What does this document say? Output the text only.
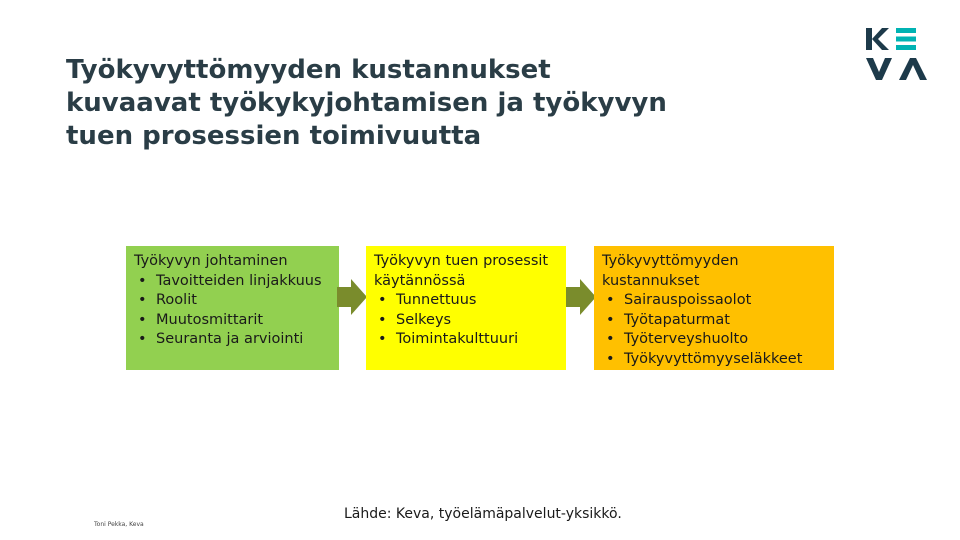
Työkyvyttömyyden kustannukset
kuvaavat työkykyjohtamisen ja työkyvyn
tuen prosessien toimivuutta
Työkyvyn johtaminen
• Tavoitteiden linjakkuus
• Roolit
• Muutosmittarit
• Seuranta ja arviointi
Työkyvyn tuen prosessit käytännössä
• Tunnettuus
• Selkeys
• Toimintakulttuuri
Työkyvyttömyyden kustannukset
• Sairauspoissaolot
• Työtapaturmat
• Työterveyshuolto
• Työkyvyttömyyseläkkeet
Lähde: Keva, työelämäpalvelut-yksikkö.
Toni Pekka, Keva
